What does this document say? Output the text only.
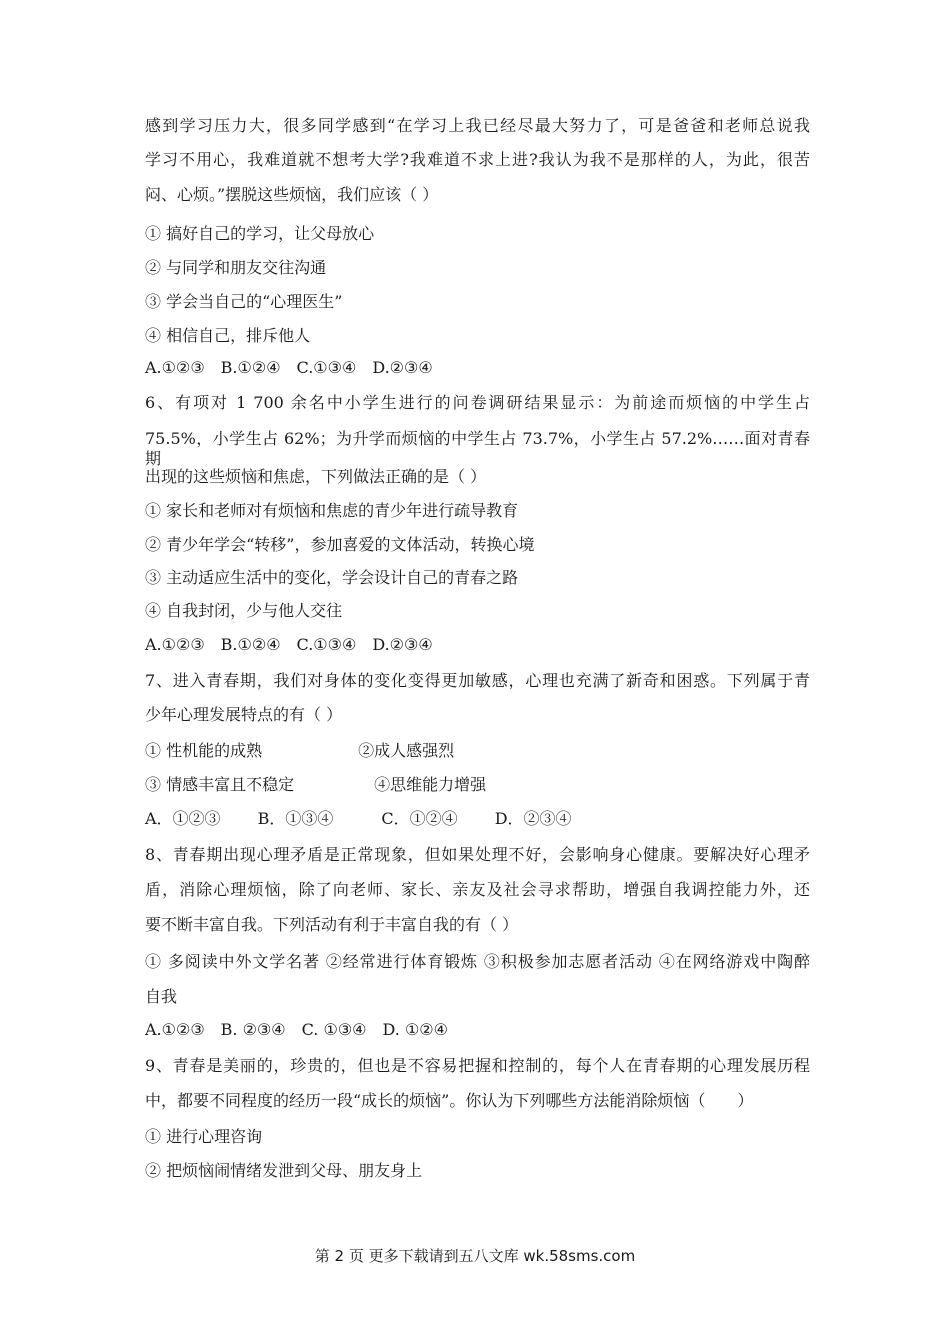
感到学习压力大，很多同学感到“在学习上我已经尽最大努力了，可是爸爸和老师总说我
学习不用心，我难道就不想考大学?我难道不求上进?我认为我不是那样的人，为此，很苦
闷、心烦。”摆脱这些烦恼，我们应该（ ）
① 搞好自己的学习，让父母放心
② 与同学和朋友交往沟通
③ 学会当自己的“心理医生”
④ 相信自己，排斥他人
A.①②③　B.①②④　C.①③④　D.②③④
6、有项对 1 700 余名中小学生进行的问卷调研结果显示：为前途而烦恼的中学生占
75.5%，小学生占 62%；为升学而烦恼的中学生占 73.7%，小学生占 57.2%……面对青春期
出现的这些烦恼和焦虑，下列做法正确的是（ ）
① 家长和老师对有烦恼和焦虑的青少年进行疏导教育
② 青少年学会“转移”，参加喜爱的文体活动，转换心境
③ 主动适应生活中的变化，学会设计自己的青春之路
④ 自我封闭，少与他人交往
A.①②③　B.①②④　C.①③④　D.②③④
7、进入青春期，我们对身体的变化变得更加敏感，心理也充满了新奇和困惑。下列属于青
少年心理发展特点的有（ ）
① 性机能的成熟　　　　　　②成人感强烈
③ 情感丰富且不稳定　　　　　④思维能力增强
A．①②③　　 B．①③④　　　C．①②④　　 D．②③④
8、青春期出现心理矛盾是正常现象，但如果处理不好，会影响身心健康。要解决好心理矛
盾，消除心理烦恼，除了向老师、家长、亲友及社会寻求帮助，增强自我调控能力外，还
要不断丰富自我。下列活动有利于丰富自我的有（ ）
① 多阅读中外文学名著 ②经常进行体育锻炼 ③积极参加志愿者活动 ④在网络游戏中陶醉
自我
A.①②③　B. ②③④　C. ①③④　D. ①②④
9、青春是美丽的，珍贵的，但也是不容易把握和控制的，每个人在青春期的心理发展历程
中，都要不同程度的经历一段“成长的烦恼”。你认为下列哪些方法能消除烦恼（　　）
① 进行心理咨询
② 把烦恼闹情绪发泄到父母、朋友身上
第 2 页 更多下载请到五八文库 wk.58sms.com
